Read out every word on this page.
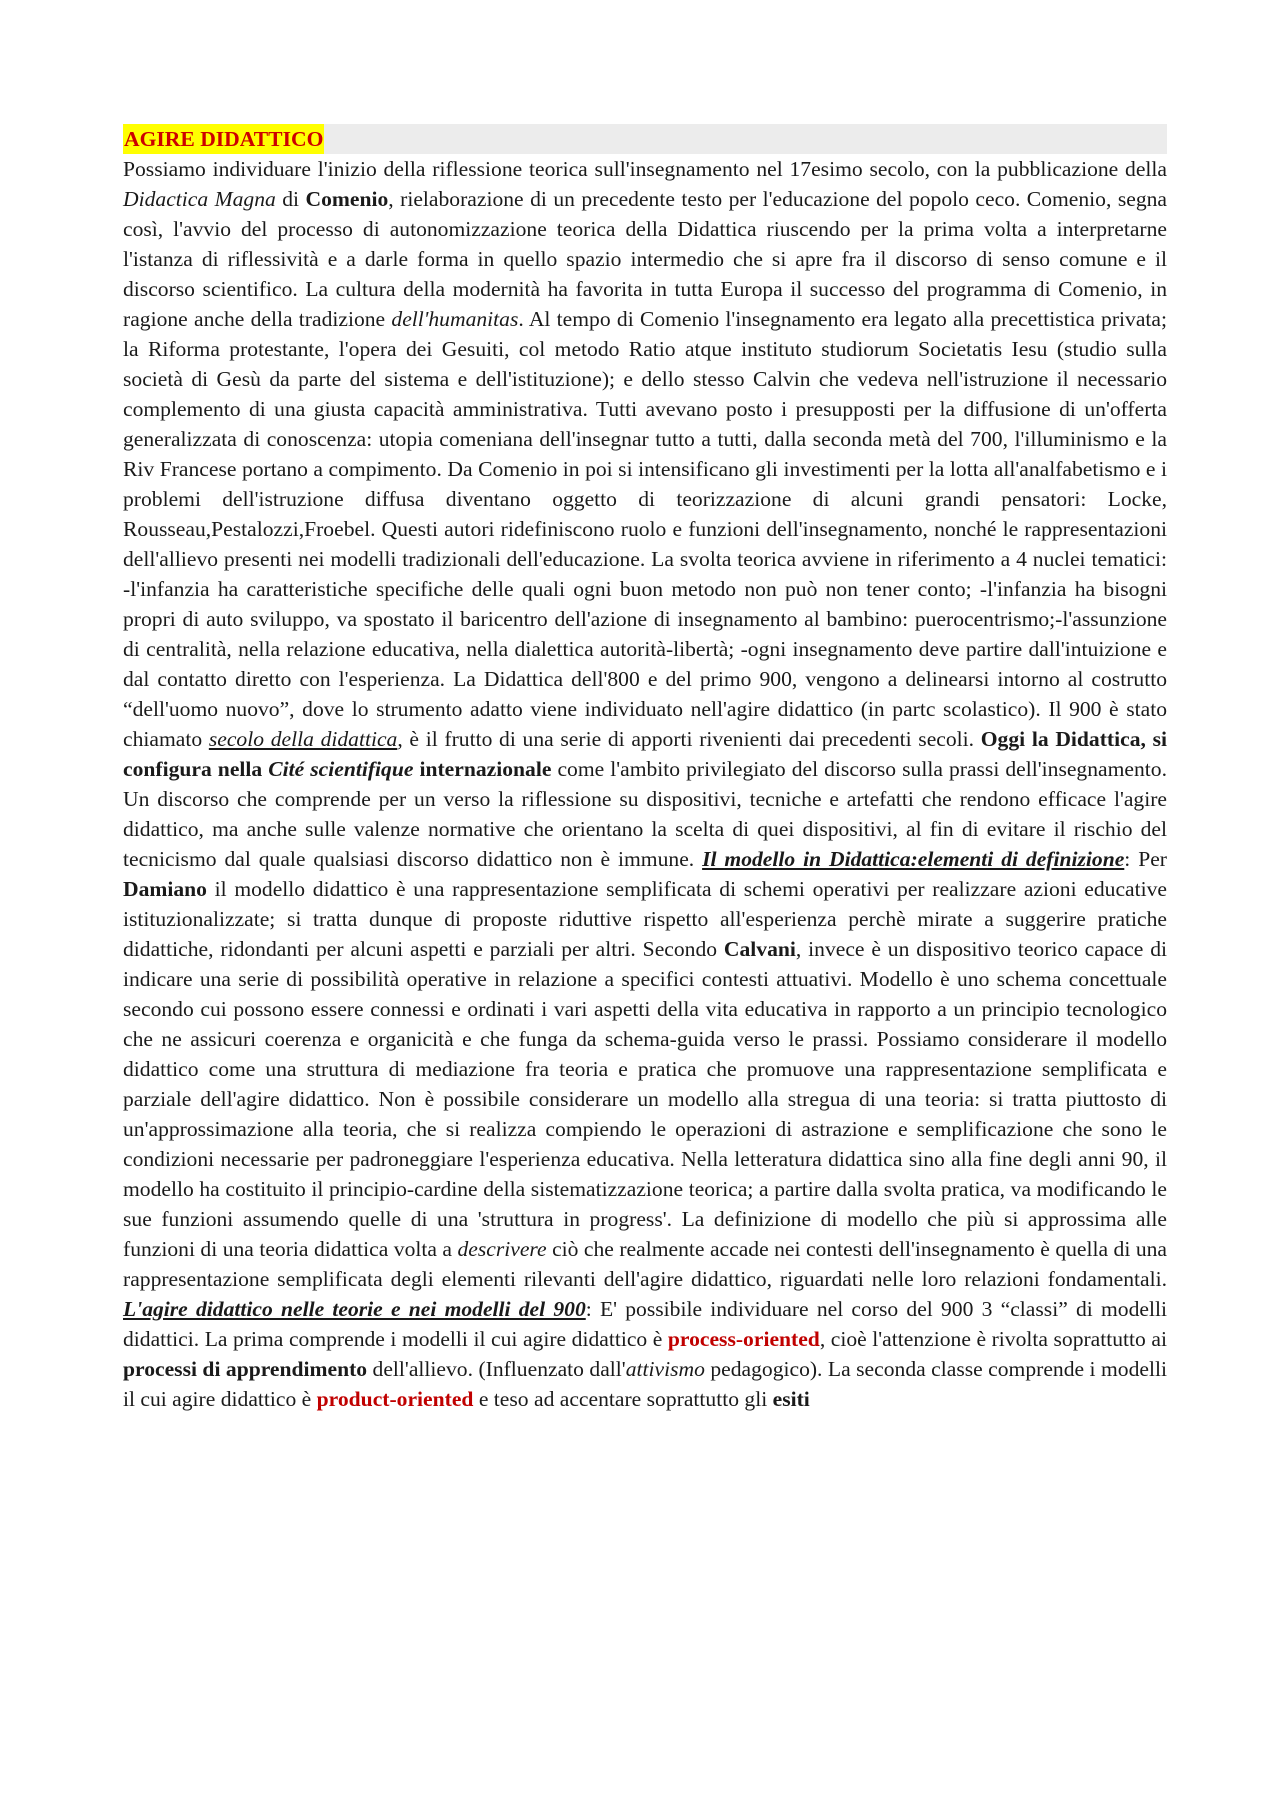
AGIRE DIDATTICO

Possiamo individuare l'inizio della riflessione teorica sull'insegnamento nel 17esimo secolo, con la pubblicazione della Didactica Magna di Comenio, rielaborazione di un precedente testo per l'educazione del popolo ceco. Comenio, segna così, l'avvio del processo di autonomizzazione teorica della Didattica riuscendo per la prima volta a interpretarne l'istanza di riflessività e a darle forma in quello spazio intermedio che si apre fra il discorso di senso comune e il discorso scientifico. La cultura della modernità ha favorita in tutta Europa il successo del programma di Comenio, in ragione anche della tradizione dell'humanitas. Al tempo di Comenio l'insegnamento era legato alla precettistica privata; la Riforma protestante, l'opera dei Gesuiti, col metodo Ratio atque instituto studiorum Societatis Iesu (studio sulla società di Gesù da parte del sistema e dell'istituzione); e dello stesso Calvin che vedeva nell'istruzione il necessario complemento di una giusta capacità amministrativa. Tutti avevano posto i presupposti per la diffusione di un'offerta generalizzata di conoscenza: utopia comeniana dell'insegnar tutto a tutti, dalla seconda metà del 700, l'illuminismo e la Riv Francese portano a compimento. Da Comenio in poi si intensificano gli investimenti per la lotta all'analfabetismo e i problemi dell'istruzione diffusa diventano oggetto di teorizzazione di alcuni grandi pensatori: Locke, Rousseau,Pestalozzi,Froebel. Questi autori ridefiniscono ruolo e funzioni dell'insegnamento, nonché le rappresentazioni dell'allievo presenti nei modelli tradizionali dell'educazione. La svolta teorica avviene in riferimento a 4 nuclei tematici: -l'infanzia ha caratteristiche specifiche delle quali ogni buon metodo non può non tener conto; -l'infanzia ha bisogni propri di auto sviluppo, va spostato il baricentro dell'azione di insegnamento al bambino: puerocentrismo;-l'assunzione di centralità, nella relazione educativa, nella dialettica autorità-libertà; -ogni insegnamento deve partire dall'intuizione e dal contatto diretto con l'esperienza. La Didattica dell'800 e del primo 900, vengono a delinearsi intorno al costrutto “dell'uomo nuovo”, dove lo strumento adatto viene individuato nell'agire didattico (in partc scolastico). Il 900 è stato chiamato secolo della didattica, è il frutto di una serie di apporti rivenienti dai precedenti secoli. Oggi la Didattica, si configura nella Cité scientifique internazionale come l'ambito privilegiato del discorso sulla prassi dell'insegnamento. Un discorso che comprende per un verso la riflessione su dispositivi, tecniche e artefatti che rendono efficace l'agire didattico, ma anche sulle valenze normative che orientano la scelta di quei dispositivi, al fin di evitare il rischio del tecnicismo dal quale qualsiasi discorso didattico non è immune. Il modello in Didattica:elementi di definizione: Per Damiano il modello didattico è una rappresentazione semplificata di schemi operativi per realizzare azioni educative istituzionalizzate; si tratta dunque di proposte riduttive rispetto all'esperienza perchè mirate a suggerire pratiche didattiche, ridondanti per alcuni aspetti e parziali per altri. Secondo Calvani, invece è un dispositivo teorico capace di indicare una serie di possibilità operative in relazione a specifici contesti attuativi. Modello è uno schema concettuale secondo cui possono essere connessi e ordinati i vari aspetti della vita educativa in rapporto a un principio tecnologico che ne assicuri coerenza e organicità e che funga da schema-guida verso le prassi. Possiamo considerare il modello didattico come una struttura di mediazione fra teoria e pratica che promuove una rappresentazione semplificata e parziale dell'agire didattico. Non è possibile considerare un modello alla stregua di una teoria: si tratta piuttosto di un'approssimazione alla teoria, che si realizza compiendo le operazioni di astrazione e semplificazione che sono le condizioni necessarie per padroneggiare l'esperienza educativa. Nella letteratura didattica sino alla fine degli anni 90, il modello ha costituito il principio-cardine della sistematizzazione teorica; a partire dalla svolta pratica, va modificando le sue funzioni assumendo quelle di una 'struttura in progress'. La definizione di modello che più si approssima alle funzioni di una teoria didattica volta a descrivere ciò che realmente accade nei contesti dell'insegnamento è quella di una rappresentazione semplificata degli elementi rilevanti dell'agire didattico, riguardati nelle loro relazioni fondamentali. L'agire didattico nelle teorie e nei modelli del 900: E' possibile individuare nel corso del 900 3 “classi” di modelli didattici. La prima comprende i modelli il cui agire didattico è process-oriented, cioè l'attenzione è rivolta soprattutto ai processi di apprendimento dell'allievo. (Influenzato dall'attivismo pedagogico). La seconda classe comprende i modelli il cui agire didattico è product-oriented e teso ad accentare soprattutto gli esiti
